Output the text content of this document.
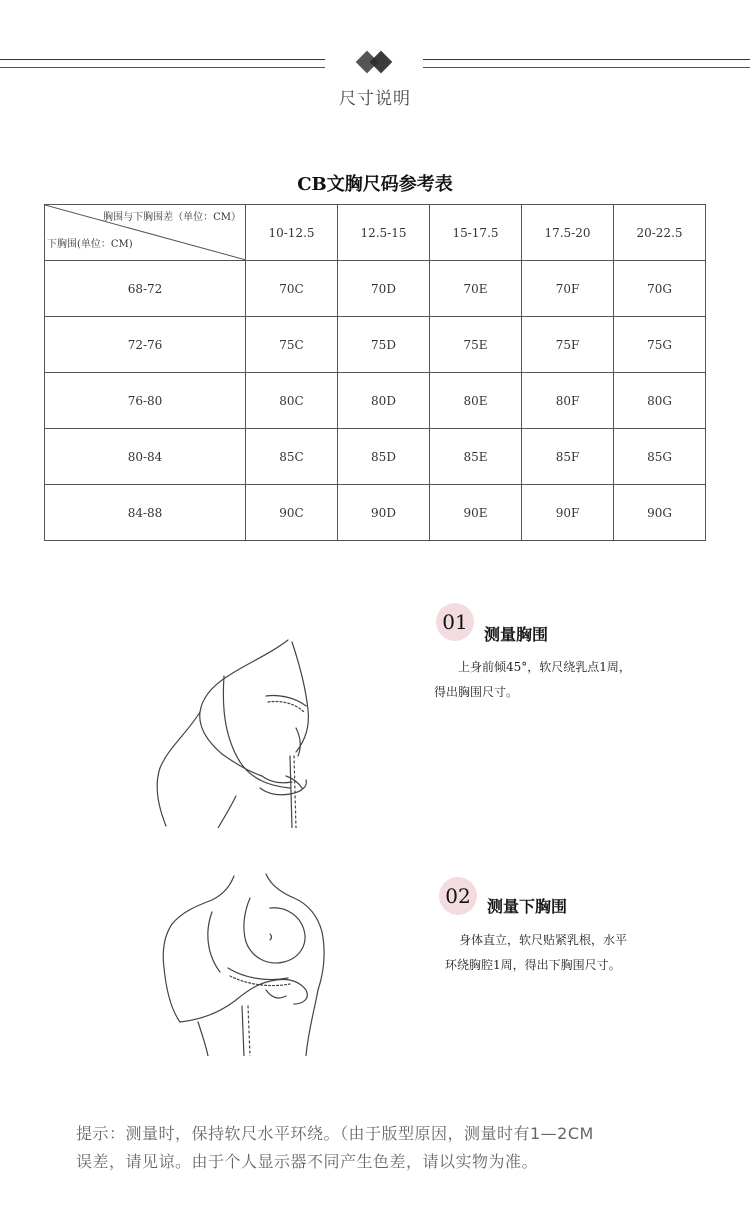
尺寸说明
CB文胸尺码参考表
胸围与下胸围差（单位：CM）
下胸围(单位：CM)	10-12.5	12.5-15	15-17.5	17.5-20	20-22.5
68-72	70C	70D	70E	70F	70G
72-76	75C	75D	75E	75F	75G
76-80	80C	80D	80E	80F	80G
80-84	85C	85D	85E	85F	85G
84-88	90C	90D	90E	90F	90G
01
测量胸围
上身前倾45°，软尺绕乳点1周，
得出胸围尺寸。
02	测量下胸围
身体直立，软尺贴紧乳根，水平
环绕胸腔1周，得出下胸围尺寸。
提示：测量时，保持软尺水平环绕。（由于版型原因，测量时有1—2CM
误差，请见谅。由于个人显示器不同产生色差，请以实物为准。
